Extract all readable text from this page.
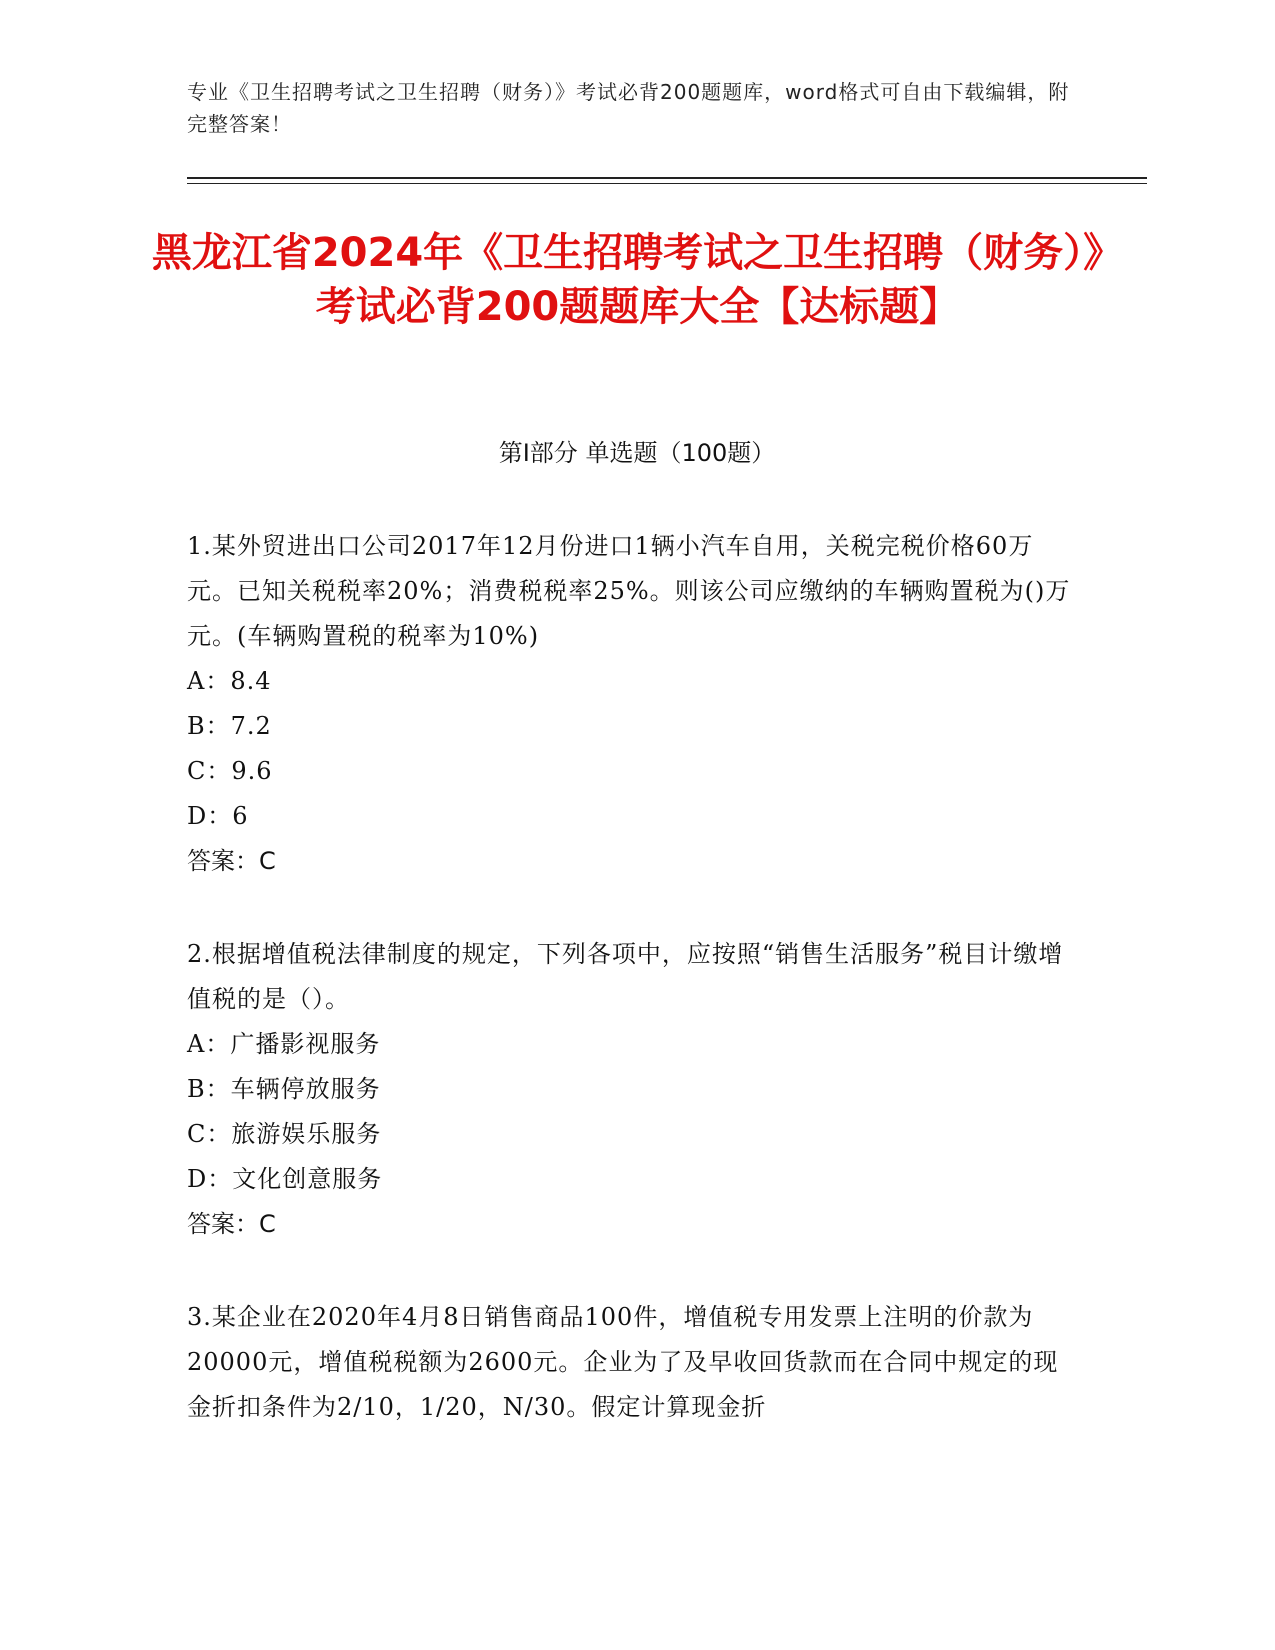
专业《卫生招聘考试之卫生招聘（财务）》考试必背200题题库，word格式可自由下载编辑，附完整答案！
黑龙江省2024年《卫生招聘考试之卫生招聘（财务）》考试必背200题题库大全【达标题】
第Ⅰ部分 单选题（100题）
1.某外贸进出口公司2017年12月份进口1辆小汽车自用，关税完税价格60万元。已知关税税率20%；消费税税率25%。则该公司应缴纳的车辆购置税为()万元。(车辆购置税的税率为10%)
A：8.4
B：7.2
C：9.6
D：6
答案：C
2.根据增值税法律制度的规定，下列各项中，应按照“销售生活服务”税目计缴增值税的是（）。
A：广播影视服务
B：车辆停放服务
C：旅游娱乐服务
D：文化创意服务
答案：C
3.某企业在2020年4月8日销售商品100件，增值税专用发票上注明的价款为20000元，增值税税额为2600元。企业为了及早收回货款而在合同中规定的现金折扣条件为2/10，1/20，N/30。假定计算现金折
